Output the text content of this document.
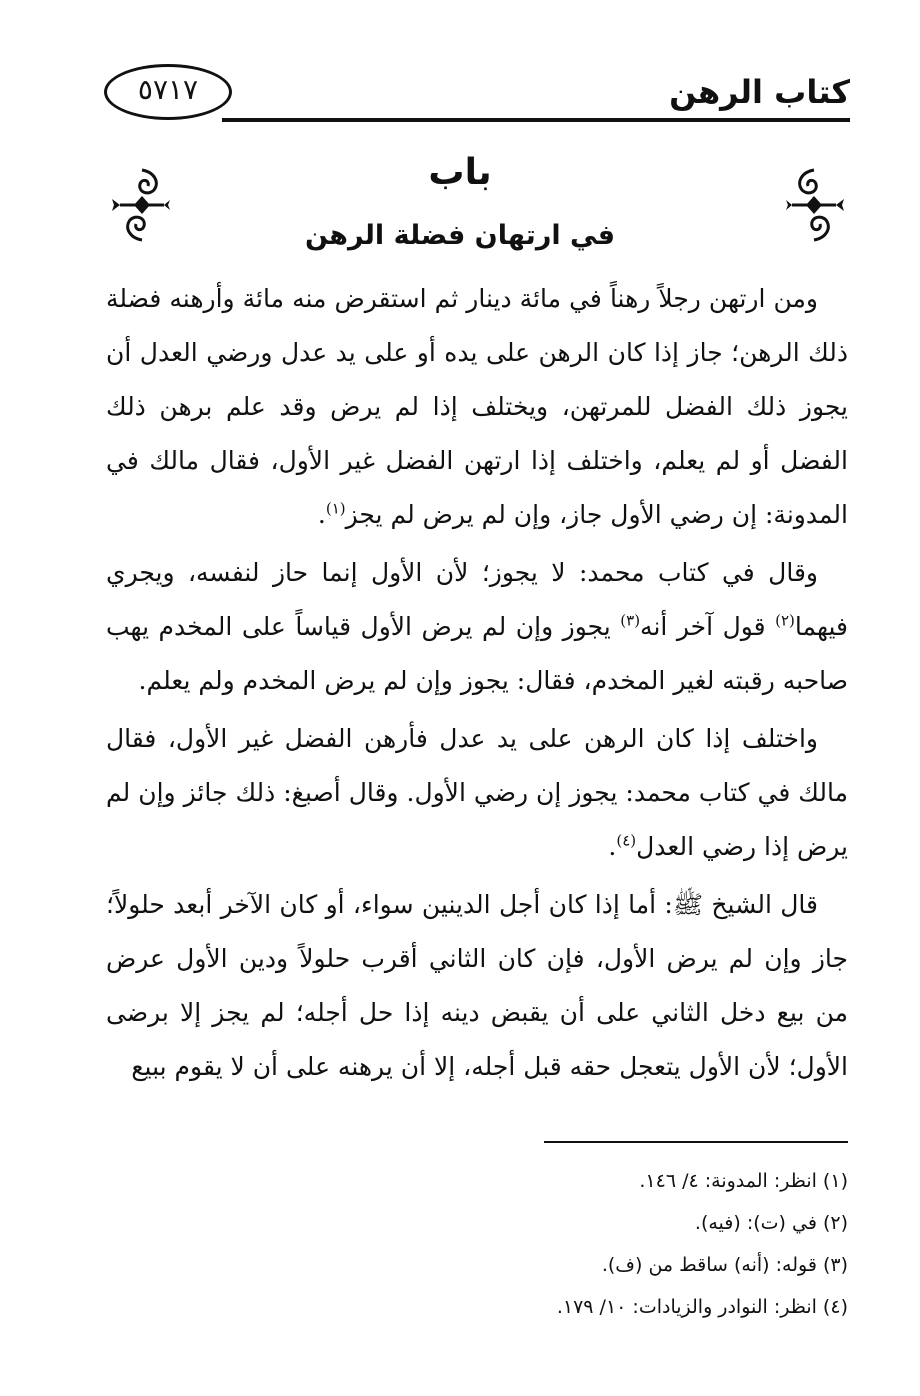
كتاب الرهن
٥٧١٧
باب
في ارتهان فضلة الرهن

ومن ارتهن رجلاً رهناً في مائة دينار ثم استقرض منه مائة وأرهنه فضلة ذلك الرهن؛ جاز إذا كان الرهن على يده أو على يد عدل ورضي العدل أن يجوز ذلك الفضل للمرتهن، ويختلف إذا لم يرض وقد علم برهن ذلك الفضل أو لم يعلم، واختلف إذا ارتهن الفضل غير الأول، فقال مالك في المدونة: إن رضي الأول جاز، وإن لم يرض لم يجز$^{(١)}$.

وقال في كتاب محمد: لا يجوز؛ لأن الأول إنما حاز لنفسه، ويجري فيهما$^{(٢)}$ قول آخر أنه$^{(٣)}$ يجوز وإن لم يرض الأول قياساً على المخدم يهب صاحبه رقبته لغير المخدم، فقال: يجوز وإن لم يرض المخدم ولم يعلم.

واختلف إذا كان الرهن على يد عدل فأرهن الفضل غير الأول، فقال مالك في كتاب محمد: يجوز إن رضي الأول. وقال أصبغ: ذلك جائز وإن لم يرض إذا رضي العدل$^{(٤)}$.

قال الشيخ ﷺ: أما إذا كان أجل الدينين سواء، أو كان الآخر أبعد حلولاً؛ جاز وإن لم يرض الأول، فإن كان الثاني أقرب حلولاً ودين الأول عرض من بيع دخل الثاني على أن يقبض دينه إذا حل أجله؛ لم يجز إلا برضى الأول؛ لأن الأول يتعجل حقه قبل أجله، إلا أن يرهنه على أن لا يقوم ببيع

(١) انظر: المدونة: ٤/ ١٤٦.
(٢) في (ت): (فيه).
(٣) قوله: (أنه) ساقط من (ف).
(٤) انظر: النوادر والزيادات: ١٠/ ١٧٩.
